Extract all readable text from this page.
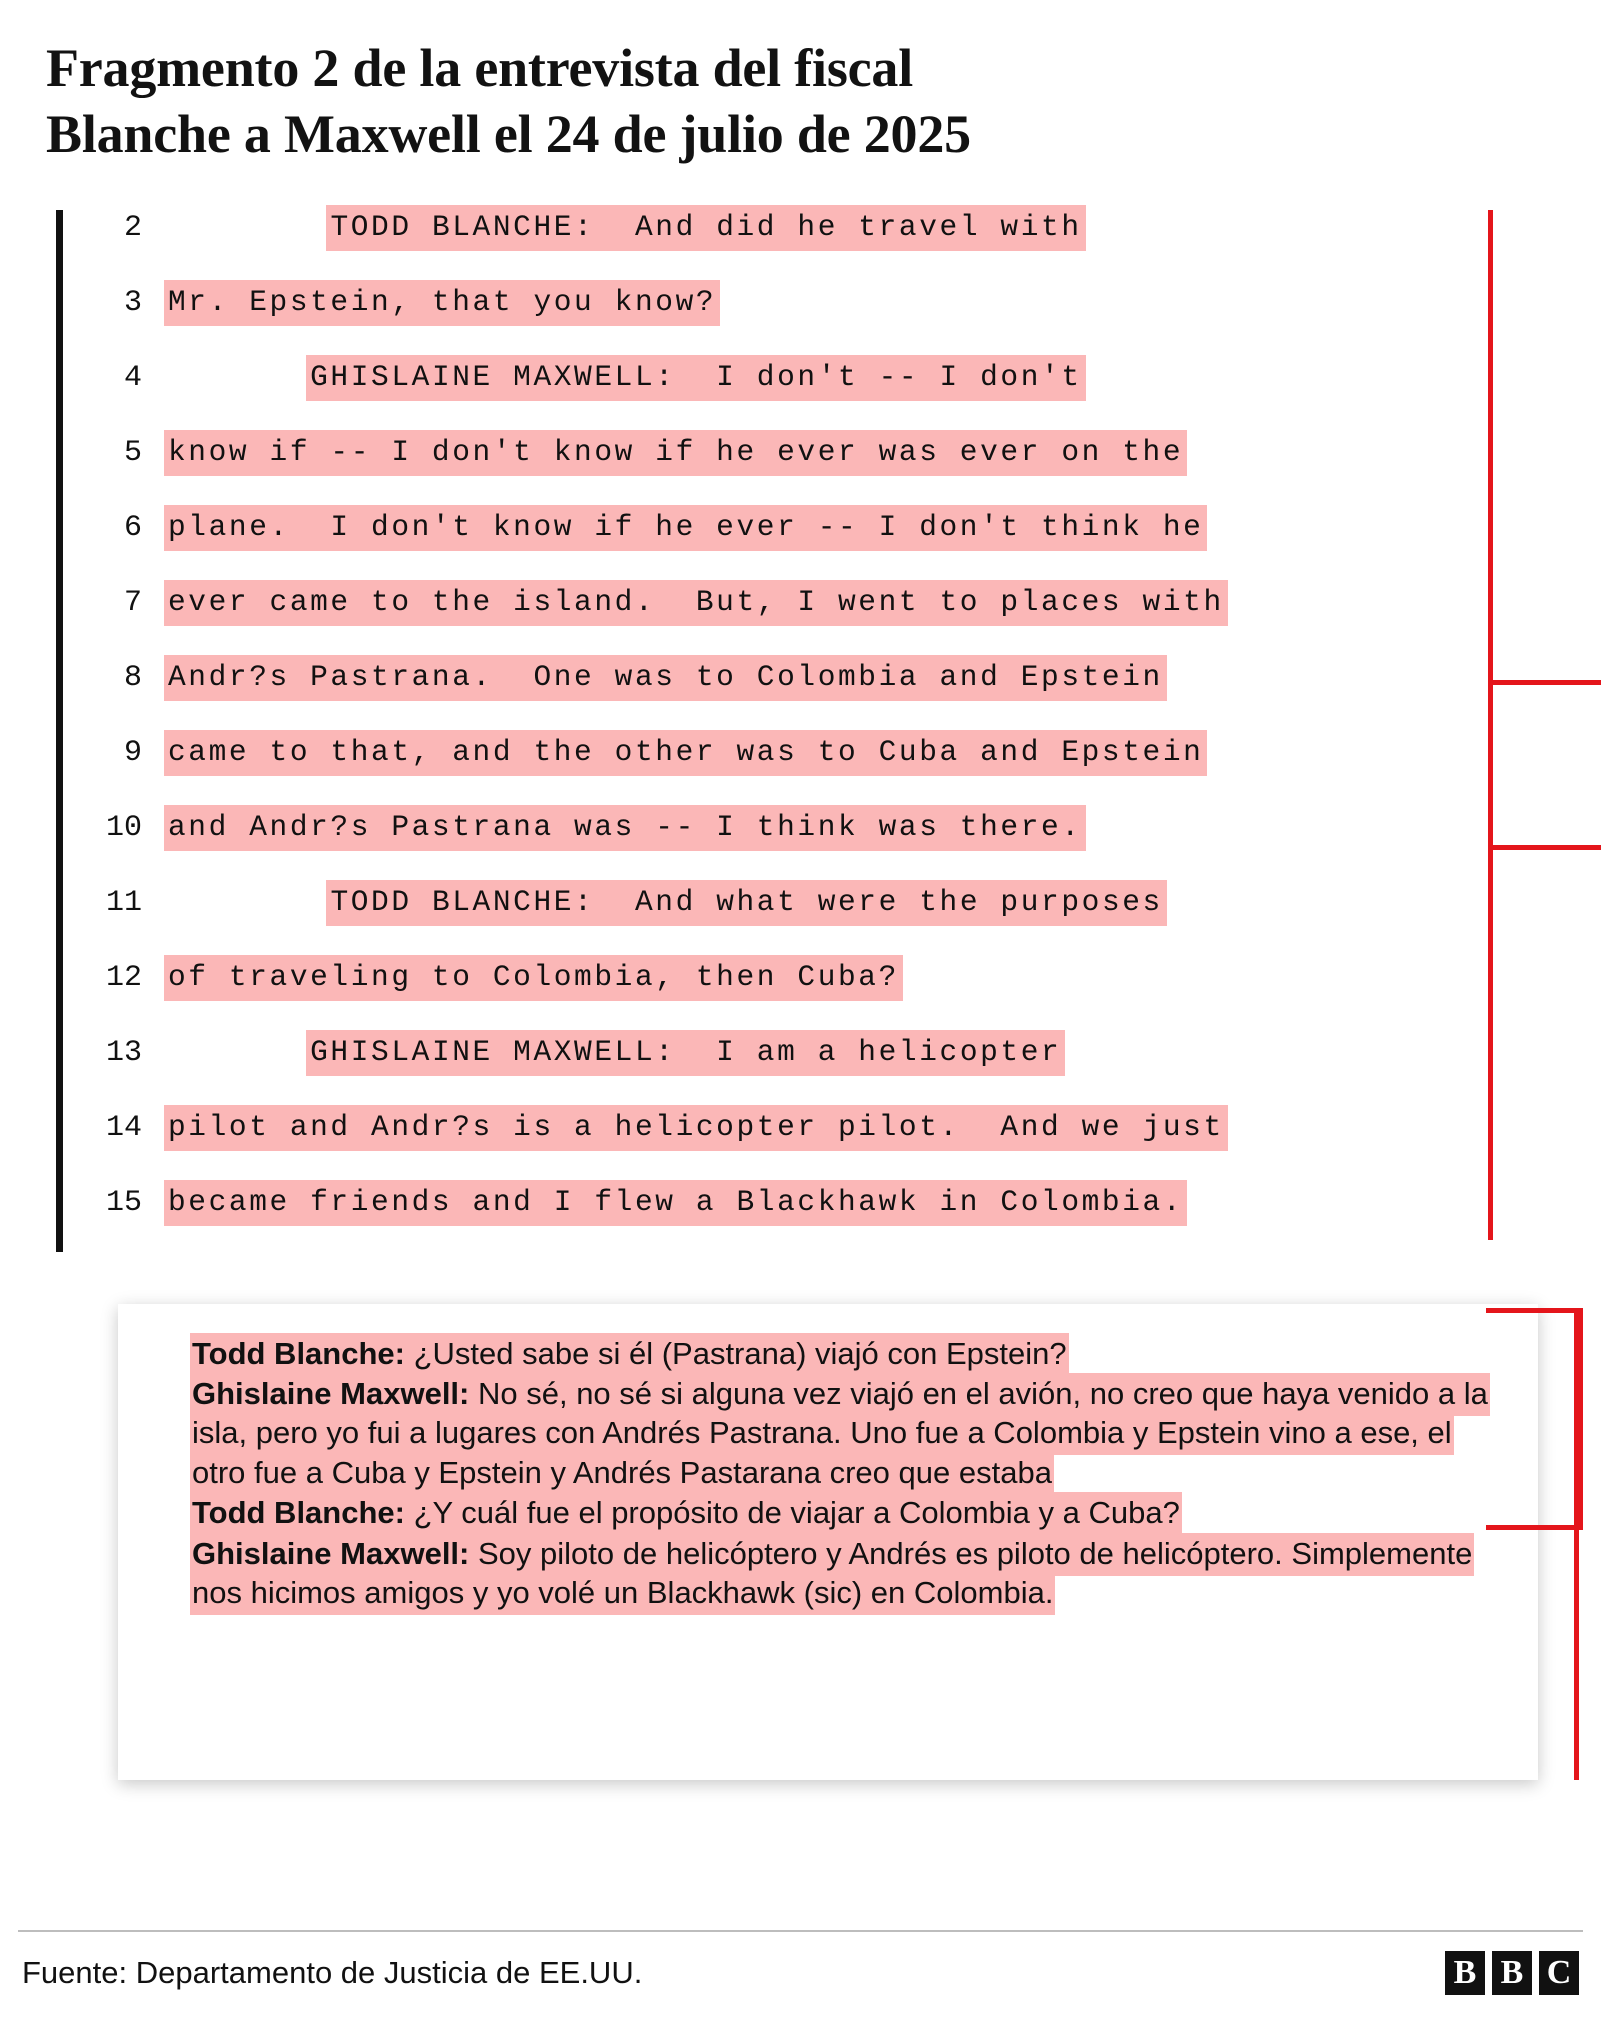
Fragmento 2 de la entrevista del fiscal
Blanche a Maxwell el 24 de julio de 2025
2	TODD BLANCHE:  And did he travel with
3 Mr. Epstein, that you know?
4	GHISLAINE MAXWELL:  I don't -- I don't
5 know if -- I don't know if he ever was ever on the
6 plane.  I don't know if he ever -- I don't think he
7 ever came to the island.  But, I went to places with
8 Andr?s Pastrana.  One was to Colombia and Epstein
9 came to that, and the other was to Cuba and Epstein
10 and Andr?s Pastrana was -- I think was there.
11	TODD BLANCHE:  And what were the purposes
12 of traveling to Colombia, then Cuba?
13	GHISLAINE MAXWELL:  I am a helicopter
14 pilot and Andr?s is a helicopter pilot.  And we just
15 became friends and I flew a Blackhawk in Colombia.

Todd Blanche: ¿Usted sabe si él (Pastrana) viajó con Epstein?

Ghislaine Maxwell: No sé, no sé si alguna vez viajó en el avión, no creo que haya venido a la isla, pero yo fui a lugares con Andrés Pastrana. Uno fue a Colombia y Epstein vino a ese, el otro fue a Cuba y Epstein y Andrés Pastarana creo que estaba

Todd Blanche: ¿Y cuál fue el propósito de viajar a Colombia y a Cuba?

Ghislaine Maxwell: Soy piloto de helicóptero y Andrés es piloto de helicóptero. Simplemente nos hicimos amigos y yo volé un Blackhawk (sic) en Colombia.

Fuente: Departamento de Justicia de EE.UU.	B B C
